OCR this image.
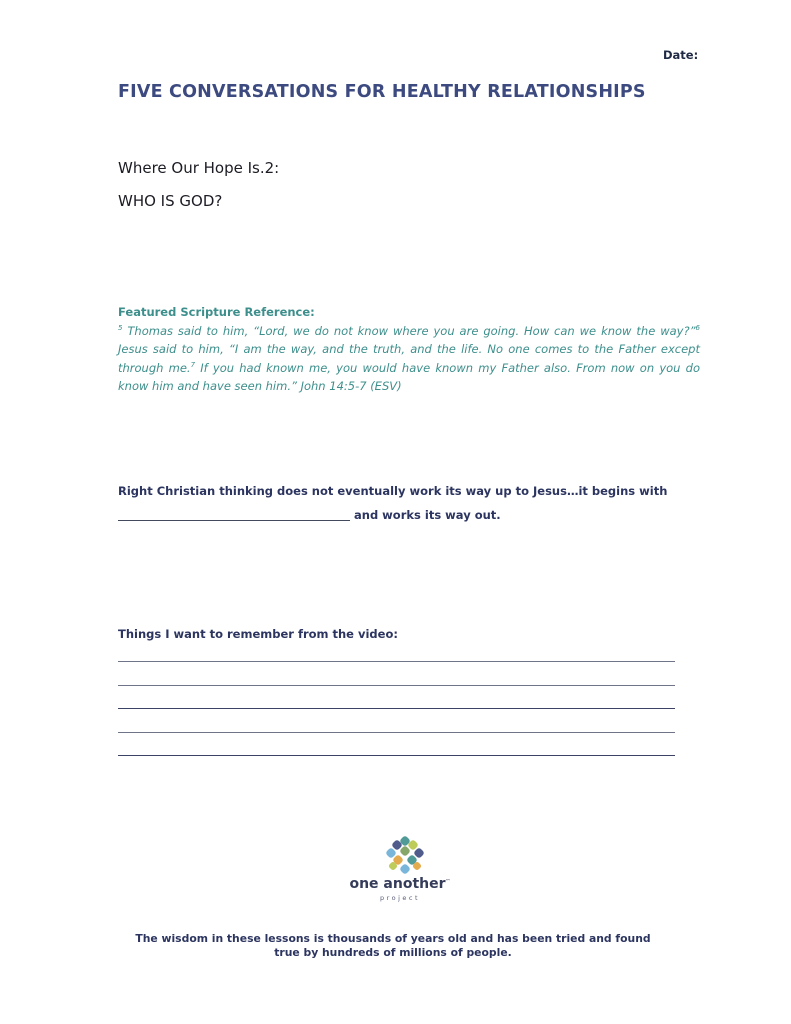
Date:
FIVE CONVERSATIONS FOR HEALTHY RELATIONSHIPS
Where Our Hope Is.2:
WHO IS GOD?
Featured Scripture Reference:
$^5$ Thomas said to him, “Lord, we do not know where you are going. How can we know the way?”$^6$ Jesus said to him, “I am the way, and the truth, and the life. No one comes to the Father except through me.$^7$ If you had known me, you would have known my Father also. From now on you do know him and have seen him.” John 14:5-7 (ESV)
Right Christian thinking does not eventually work its way up to Jesus…it begins with
and works its way out.
Things I want to remember from the video:
one another™
project
The wisdom in these lessons is thousands of years old and has been tried and found true by hundreds of millions of people.
